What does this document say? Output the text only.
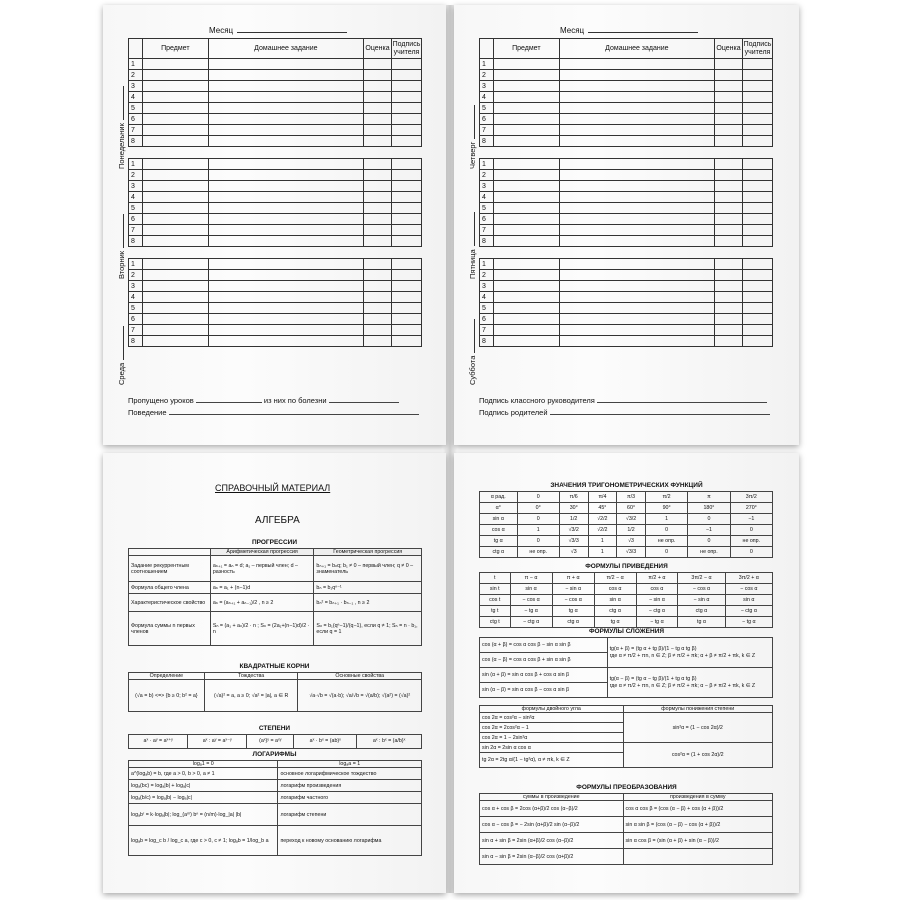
Месяц
	Предмет	Домашнее задание	Оценка	Подпись учителя
1				
2				
3				
4				
5				
6				
7				
8				

1				
2				
3				
4				
5				
6				
7				
8				

1				
2				
3				
4				
5				
6				
7				
8				
Понедельник
Вторник
Среда
Пропущено уроков	из них по болезни
Поведение
Месяц
	Предмет	Домашнее задание	Оценка	Подпись учителя
1				
2				
3				
4				
5				
6				
7				
8				

1				
2				
3				
4				
5				
6				
7				
8				

1				
2				
3				
4				
5				
6				
7				
8				
Четверг
Пятница
Суббота
Подпись классного руководителя
Подпись родителей
СПРАВОЧНЫЙ МАТЕРИАЛ
АЛГЕБРА
ПРОГРЕССИИ
	Арифметическая прогрессия	Геометрическая прогрессия
Задание рекуррентным соотношением	aₙ₊₁ = aₙ = d; a₁ – первый член; d – разность	bₙ₊₁ = bₙq; b₁ ≠ 0 – первый член; q ≠ 0 – знаменатель
Формула общего члена	aₙ = a₁ + (n−1)d	bₙ = b₁qⁿ⁻¹
Характеристическое свойство	aₙ = (aₙ₊₁ + aₙ₋₁)/2 , n ≥ 2	bₙ² = bₙ₊₁ · bₙ₋₁ , n ≥ 2
Формула суммы n первых членов	Sₙ = (a₁ + aₙ)/2 · n ; Sₙ = (2a₁+(n−1)d)/2 · n	Sₙ = b₁(qⁿ−1)/(q−1), если q ≠ 1; Sₙ = n · b₁, если q = 1
КВАДРАТНЫЕ КОРНИ
Определение	Тождества	Основные свойства
(√a = b) <=> {b ≥ 0; b² = a}	(√a)² = a, a ≥ 0; √a² = |a|, a ∈ R	√a·√b = √(a·b); √a/√b = √(a/b); √(a²) = (√a)²
СТЕПЕНИ
aˣ · aʸ = aˣ⁺ʸ	aˣ : aʸ = aˣ⁻ʸ	(aˣ)ʸ = aˣʸ	aˣ · bˣ = (ab)ˣ	aˣ : bˣ = (a/b)ˣ
ЛОГАРИФМЫ
logₐ1 = 0	logₐa = 1
a^(logₐb) = b, где a > 0, b > 0, a ≠ 1	основное логарифмическое тождество
logₐ(bc) = logₐ|b| + logₐ|c|	логарифм произведения
logₐ(b/c) = logₐ|b| − logₐ|c|	логарифм частного
logₐbʳ = k·logₐ|b|; log_(aᵐ) bⁿ = (n/m)·log_|a| |b|	логарифм степени
logₐb = log_c b / log_c a, где c > 0, c ≠ 1; logₐb = 1/log_b a	переход к новому основанию логарифма
ЗНАЧЕНИЯ ТРИГОНОМЕТРИЧЕСКИХ ФУНКЦИЙ
α рад.	0	π/6	π/4	π/3	π/2	π	3π/2
α°	0°	30°	45°	60°	90°	180°	270°
sin α	0	1/2	√2/2	√3/2	1	0	−1
cos α	1	√3/2	√2/2	1/2	0	−1	0
tg α	0	√3/3	1	√3	не опр.	0	не опр.
ctg α	не опр.	√3	1	√3/3	0	не опр.	0
ФОРМУЛЫ ПРИВЕДЕНИЯ
t	π − α	π + α	π/2 − α	π/2 + α	3π/2 − α	3π/2 + α
sin t	sin α	− sin α	cos α	cos α	− cos α	− cos α
cos t	− cos α	− cos α	sin α	− sin α	− sin α	sin α
tg t	− tg α	tg α	ctg α	− ctg α	ctg α	− ctg α
ctg t	− ctg α	ctg α	tg α	− tg α	tg α	− tg α
ФОРМУЛЫ СЛОЖЕНИЯ
cos (α + β) = cos α cos β − sin α sin β	tg(α + β) = (tg α + tg β)/(1 − tg α tg β)
где α ≠ π/2 + πn, n ∈ Z; β ≠ π/2 + πk; α + β ≠ π/2 + πk, k ∈ Z
cos (α − β) = cos α cos β + sin α sin β	
sin (α + β) = sin α cos β + cos α sin β	tg(α − β) = (tg α − tg β)/(1 + tg α tg β)
где α ≠ π/2 + πn, n ∈ Z; β ≠ π/2 + πk; α − β ≠ π/2 + πk, k ∈ Z
sin (α − β) = sin α cos β − cos α sin β	
формулы двойного угла	формулы понижения степени
cos 2α = cos²α − sin²α	sin²α = (1 − cos 2α)/2
cos 2α = 2cos²α − 1	
cos 2α = 1 − 2sin²α	
sin 2α = 2sin α cos α	cos²α = (1 + cos 2α)/2
tg 2α = 2tg α/(1 − tg²α), α ≠ πk, k ∈ Z	
ФОРМУЛЫ ПРЕОБРАЗОВАНИЯ
суммы в произведение	произведения в сумму
cos α + cos β = 2cos (α+β)/2 cos (α−β)/2	cos α cos β = (cos (α − β) + cos (α + β))/2
cos α − cos β = − 2sin (α+β)/2 sin (α−β)/2	sin α sin β = (cos (α − β) − cos (α + β))/2
sin α + sin β = 2sin (α+β)/2 cos (α−β)/2	sin α cos β = (sin (α + β) + sin (α − β))/2
sin α − sin β = 2sin (α−β)/2 cos (α+β)/2	
